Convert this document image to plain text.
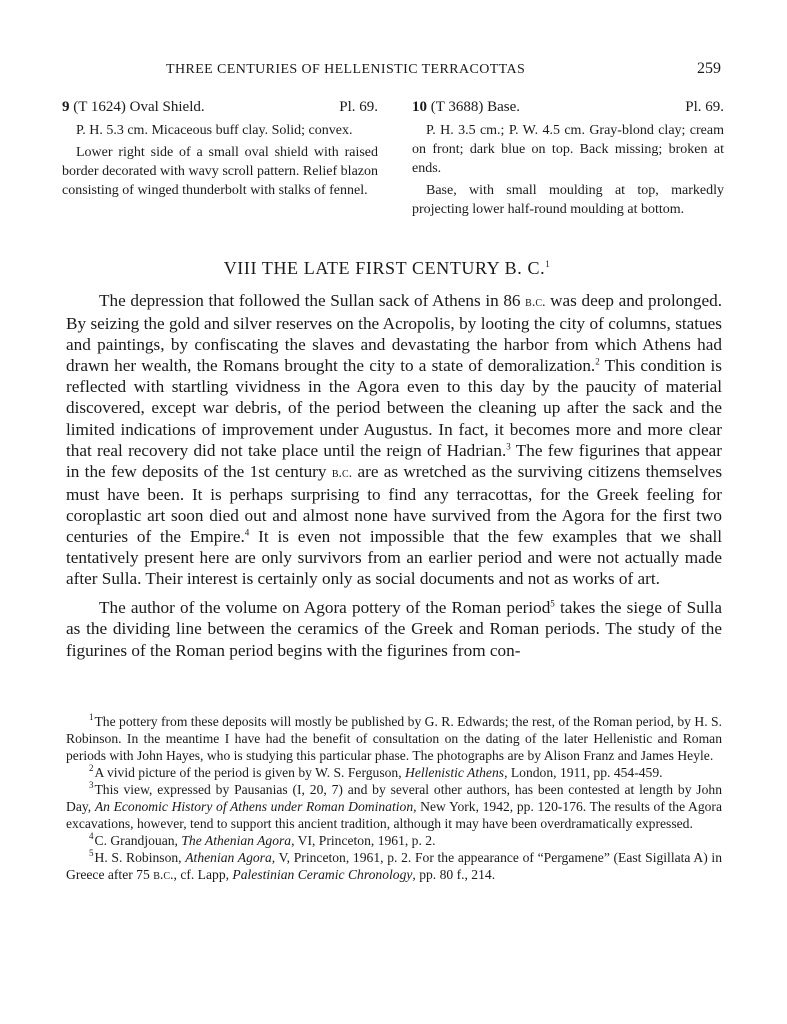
THREE CENTURIES OF HELLENISTIC TERRACOTTAS	259
9 (T 1624) Oval Shield.	Pl. 69.

P. H. 5.3 cm. Micaceous buff clay. Solid; convex.

Lower right side of a small oval shield with raised border decorated with wavy scroll pattern. Relief blazon consisting of winged thunderbolt with stalks of fennel.

10 (T 3688) Base.	Pl. 69.

P. H. 3.5 cm.; P. W. 4.5 cm. Gray-blond clay; cream on front; dark blue on top. Back missing; broken at ends.

Base, with small moulding at top, markedly projecting lower half-round moulding at bottom.

VIII THE LATE FIRST CENTURY B. C.$^1$

The depression that followed the Sullan sack of Athens in 86 b.c. was deep and prolonged. By seizing the gold and silver reserves on the Acropolis, by looting the city of columns, statues and paintings, by confiscating the slaves and devastating the harbor from which Athens had drawn her wealth, the Romans brought the city to a state of demoralization.$^2$ This condition is reflected with startling vividness in the Agora even to this day by the paucity of material discovered, except war debris, of the period between the cleaning up after the sack and the limited indications of improvement under Augustus. In fact, it becomes more and more clear that real recovery did not take place until the reign of Hadrian.$^3$ The few figurines that appear in the few deposits of the 1st century b.c. are as wretched as the surviving citizens themselves must have been. It is perhaps surprising to find any terracottas, for the Greek feeling for coroplastic art soon died out and almost none have survived from the Agora for the first two centuries of the Empire.$^4$ It is even not impossible that the few examples that we shall tentatively present here are only survivors from an earlier period and were not actually made after Sulla. Their interest is certainly only as social documents and not as works of art.

The author of the volume on Agora pottery of the Roman period$^5$ takes the siege of Sulla as the dividing line between the ceramics of the Greek and Roman periods. The study of the figurines of the Roman period begins with the figurines from con-

$^1$The pottery from these deposits will mostly be published by G. R. Edwards; the rest, of the Roman period, by H. S. Robinson. In the meantime I have had the benefit of consultation on the dating of the later Hellenistic and Roman periods with John Hayes, who is studying this particular phase. The photographs are by Alison Franz and James Heyle.

$^2$A vivid picture of the period is given by W. S. Ferguson, Hellenistic Athens, London, 1911, pp. 454-459.

$^3$This view, expressed by Pausanias (I, 20, 7) and by several other authors, has been contested at length by John Day, An Economic History of Athens under Roman Domination, New York, 1942, pp. 120-176. The results of the Agora excavations, however, tend to support this ancient tradition, although it may have been overdramatically expressed.

$^4$C. Grandjouan, The Athenian Agora, VI, Princeton, 1961, p. 2.

$^5$H. S. Robinson, Athenian Agora, V, Princeton, 1961, p. 2. For the appearance of “Pergamene” (East Sigillata A) in Greece after 75 b.c., cf. Lapp, Palestinian Ceramic Chronology, pp. 80 f., 214.
